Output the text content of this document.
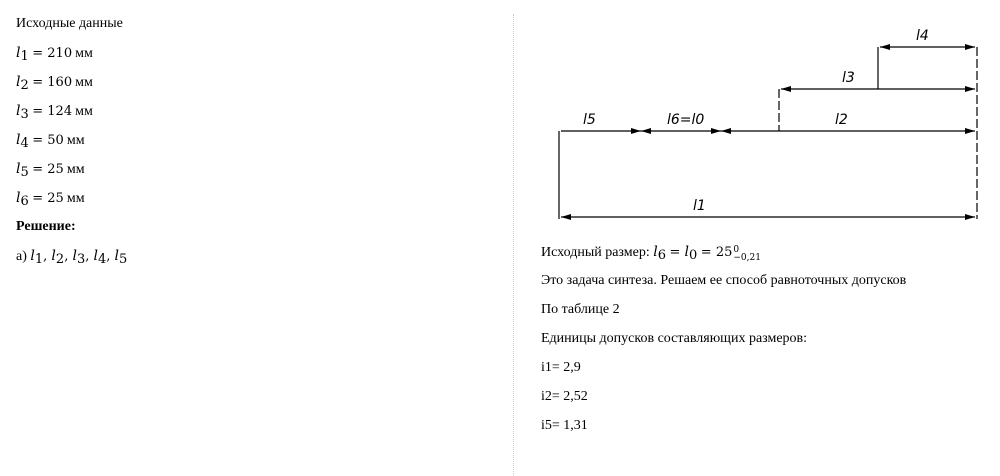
Исходные данные
$l_1 = 210$ мм
$l_2 = 160$ мм
$l_3 = 124$ мм
$l_4 = 50$ мм
$l_5 = 25$ мм
$l_6 = 25$ мм
Решение:
а) $l_1$, $l_2$, $l_3$, $l_4$, $l_5$
l4
l3
l5	l6=l0	l2
l1
Исходный размер: $l_6 = l_0 = 25$ 0
−0,21
Это задача синтеза. Решаем ее способ равноточных допусков
По таблице 2
Единицы допусков составляющих размеров:
i1= 2,9
i2= 2,52
i5= 1,31
